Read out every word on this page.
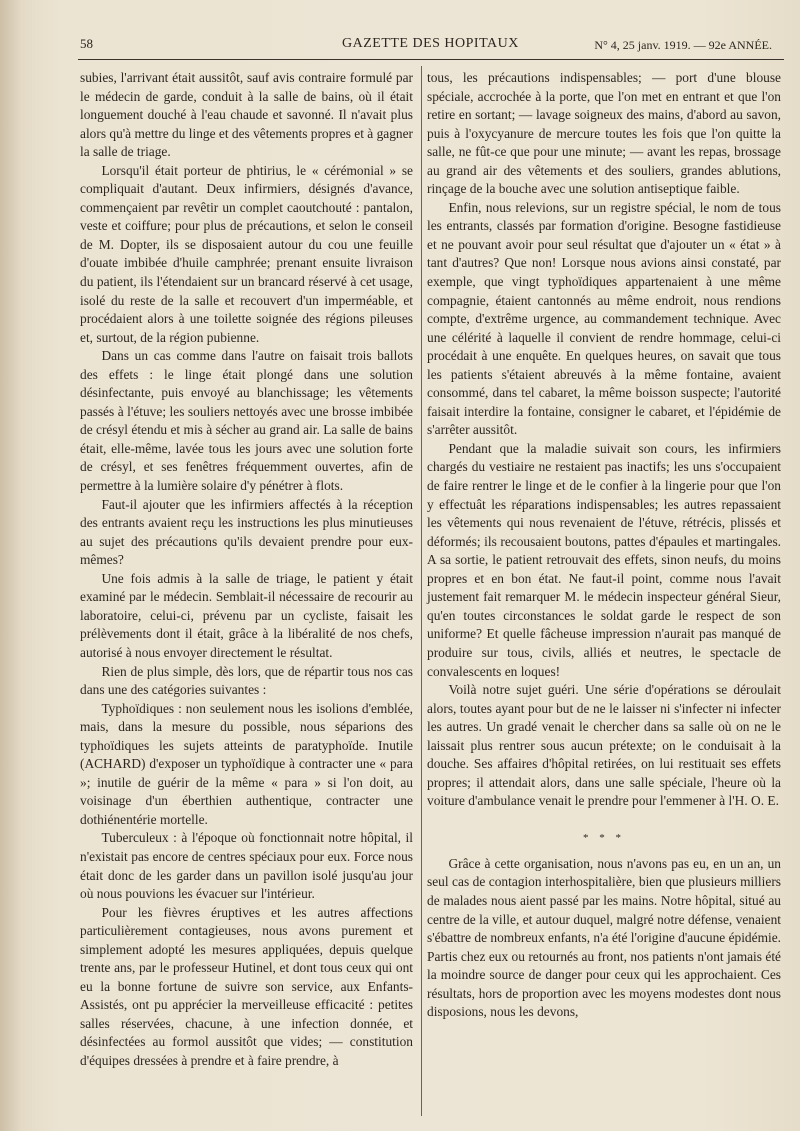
58	GAZETTE DES HOPITAUX	N° 4, 25 janv. 1919. — 92e ANNÉE.

subies, l'arrivant était aussitôt, sauf avis contraire formulé par le médecin de garde, conduit à la salle de bains, où il était longuement douché à l'eau chaude et savonné. Il n'avait plus alors qu'à mettre du linge et des vêtements propres et à gagner la salle de triage.

Lorsqu'il était porteur de phtirius, le « cérémonial » se compliquait d'autant. Deux infirmiers, désignés d'avance, commençaient par revêtir un complet caoutchouté : pantalon, veste et coiffure; pour plus de précautions, et selon le conseil de M. Dopter, ils se disposaient autour du cou une feuille d'ouate imbibée d'huile camphrée; prenant ensuite livraison du patient, ils l'étendaient sur un brancard réservé à cet usage, isolé du reste de la salle et recouvert d'un imperméable, et procédaient alors à une toilette soignée des régions pileuses et, surtout, de la région pubienne.

Dans un cas comme dans l'autre on faisait trois ballots des effets : le linge était plongé dans une solution désinfectante, puis envoyé au blanchissage; les vêtements passés à l'étuve; les souliers nettoyés avec une brosse imbibée de crésyl étendu et mis à sécher au grand air. La salle de bains était, elle-même, lavée tous les jours avec une solution forte de crésyl, et ses fenêtres fréquemment ouvertes, afin de permettre à la lumière solaire d'y pénétrer à flots.

Faut-il ajouter que les infirmiers affectés à la réception des entrants avaient reçu les instructions les plus minutieuses au sujet des précautions qu'ils devaient prendre pour eux-mêmes?

Une fois admis à la salle de triage, le patient y était examiné par le médecin. Semblait-il nécessaire de recourir au laboratoire, celui-ci, prévenu par un cycliste, faisait les prélèvements dont il était, grâce à la libéralité de nos chefs, autorisé à nous envoyer directement le résultat.

Rien de plus simple, dès lors, que de répartir tous nos cas dans une des catégories suivantes :

Typhoïdiques : non seulement nous les isolions d'emblée, mais, dans la mesure du possible, nous séparions des typhoïdiques les sujets atteints de paratyphoïde. Inutile (ACHARD) d'exposer un typhoïdique à contracter une « para »; inutile de guérir de la même « para » si l'on doit, au voisinage d'un éberthien authentique, contracter une dothiénentérie mortelle.

Tuberculeux : à l'époque où fonctionnait notre hôpital, il n'existait pas encore de centres spéciaux pour eux. Force nous était donc de les garder dans un pavillon isolé jusqu'au jour où nous pouvions les évacuer sur l'intérieur.

Pour les fièvres éruptives et les autres affections particulièrement contagieuses, nous avons purement et simplement adopté les mesures appliquées, depuis quelque trente ans, par le professeur Hutinel, et dont tous ceux qui ont eu la bonne fortune de suivre son service, aux Enfants-Assistés, ont pu apprécier la merveilleuse efficacité : petites salles réservées, chacune, à une infection donnée, et désinfectées au formol aussitôt que vides; — constitution d'équipes dressées à prendre et à faire prendre, à

tous, les précautions indispensables; — port d'une blouse spéciale, accrochée à la porte, que l'on met en entrant et que l'on retire en sortant; — lavage soigneux des mains, d'abord au savon, puis à l'oxycyanure de mercure toutes les fois que l'on quitte la salle, ne fût-ce que pour une minute; — avant les repas, brossage au grand air des vêtements et des souliers, grandes ablutions, rinçage de la bouche avec une solution antiseptique faible.

Enfin, nous relevions, sur un registre spécial, le nom de tous les entrants, classés par formation d'origine. Besogne fastidieuse et ne pouvant avoir pour seul résultat que d'ajouter un « état » à tant d'autres? Que non! Lorsque nous avions ainsi constaté, par exemple, que vingt typhoïdiques appartenaient à une même compagnie, étaient cantonnés au même endroit, nous rendions compte, d'extrême urgence, au commandement technique. Avec une célérité à laquelle il convient de rendre hommage, celui-ci procédait à une enquête. En quelques heures, on savait que tous les patients s'étaient abreuvés à la même fontaine, avaient consommé, dans tel cabaret, la même boisson suspecte; l'autorité faisait interdire la fontaine, consigner le cabaret, et l'épidémie de s'arrêter aussitôt.

Pendant que la maladie suivait son cours, les infirmiers chargés du vestiaire ne restaient pas inactifs; les uns s'occupaient de faire rentrer le linge et de le confier à la lingerie pour que l'on y effectuât les réparations indispensables; les autres repassaient les vêtements qui nous revenaient de l'étuve, rétrécis, plissés et déformés; ils recousaient boutons, pattes d'épaules et martingales. A sa sortie, le patient retrouvait des effets, sinon neufs, du moins propres et en bon état. Ne faut-il point, comme nous l'avait justement fait remarquer M. le médecin inspecteur général Sieur, qu'en toutes circonstances le soldat garde le respect de son uniforme? Et quelle fâcheuse impression n'aurait pas manqué de produire sur tous, civils, alliés et neutres, le spectacle de convalescents en loques!

Voilà notre sujet guéri. Une série d'opérations se déroulait alors, toutes ayant pour but de ne le laisser ni s'infecter ni infecter les autres. Un gradé venait le chercher dans sa salle où on ne le laissait plus rentrer sous aucun prétexte; on le conduisait à la douche. Ses affaires d'hôpital retirées, on lui restituait ses effets propres; il attendait alors, dans une salle spéciale, l'heure où la voiture d'ambulance venait le prendre pour l'emmener à l'H. O. E.

* * *

Grâce à cette organisation, nous n'avons pas eu, en un an, un seul cas de contagion interhospitalière, bien que plusieurs milliers de malades nous aient passé par les mains. Notre hôpital, situé au centre de la ville, et autour duquel, malgré notre défense, venaient s'ébattre de nombreux enfants, n'a été l'origine d'aucune épidémie. Partis chez eux ou retournés au front, nos patients n'ont jamais été la moindre source de danger pour ceux qui les approchaient. Ces résultats, hors de proportion avec les moyens modestes dont nous disposions, nous les devons,
